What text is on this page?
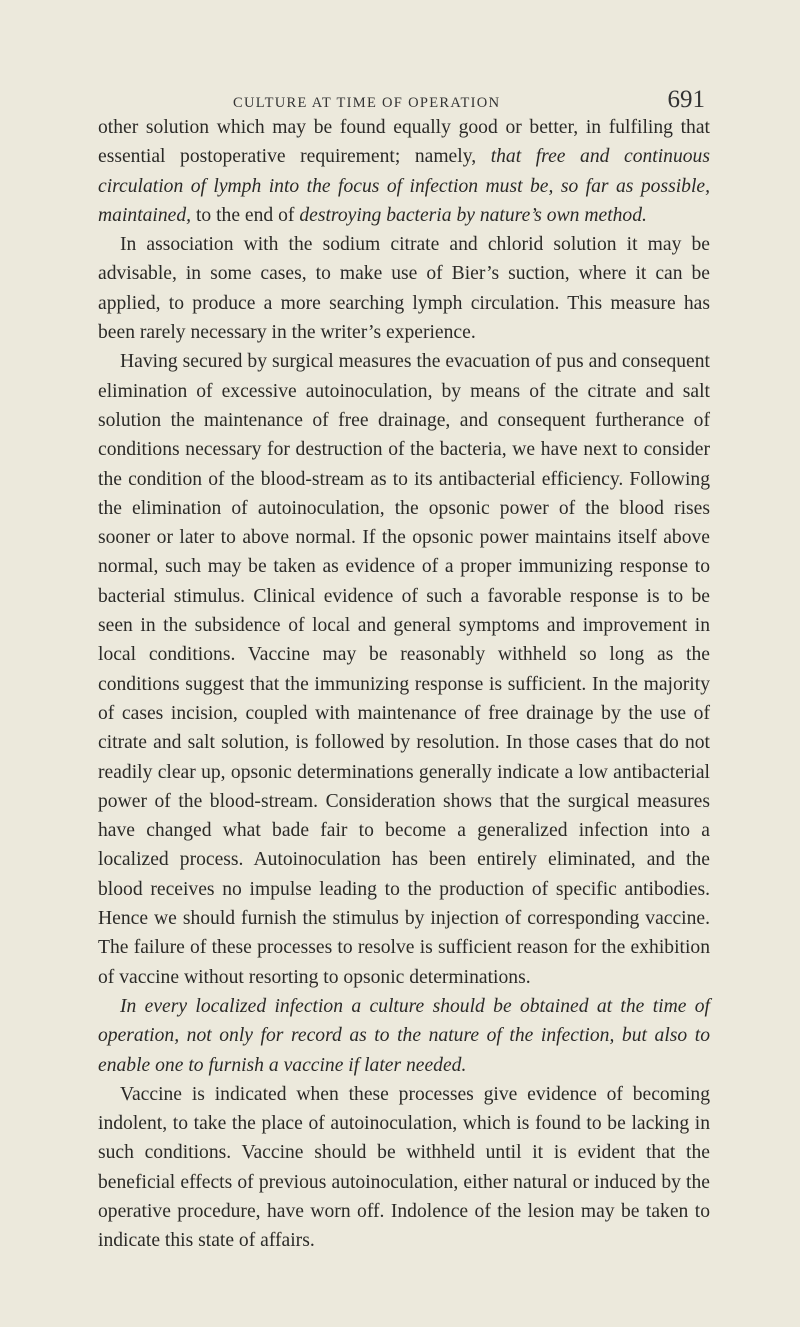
CULTURE AT TIME OF OPERATION	691

other solution which may be found equally good or better, in fulfiling that essential postoperative requirement; namely, that free and continuous circulation of lymph into the focus of infection must be, so far as possible, maintained, to the end of destroying bacteria by nature’s own method.

In association with the sodium citrate and chlorid solution it may be advisable, in some cases, to make use of Bier’s suction, where it can be applied, to produce a more searching lymph circulation. This measure has been rarely necessary in the writer’s experience.

Having secured by surgical measures the evacuation of pus and consequent elimination of excessive autoinoculation, by means of the citrate and salt solution the maintenance of free drainage, and consequent furtherance of conditions necessary for destruction of the bacteria, we have next to consider the condition of the blood-stream as to its antibacterial efficiency. Following the elimination of autoinoculation, the opsonic power of the blood rises sooner or later to above normal. If the opsonic power maintains itself above normal, such may be taken as evidence of a proper immunizing response to bacterial stimulus. Clinical evidence of such a favorable response is to be seen in the subsidence of local and general symptoms and improvement in local conditions. Vaccine may be reasonably withheld so long as the conditions suggest that the immunizing response is sufficient. In the majority of cases incision, coupled with maintenance of free drainage by the use of citrate and salt solution, is followed by resolution. In those cases that do not readily clear up, opsonic determinations generally indicate a low antibacterial power of the blood-stream. Consideration shows that the surgical measures have changed what bade fair to become a generalized infection into a localized process. Autoinoculation has been entirely eliminated, and the blood receives no impulse leading to the production of specific antibodies. Hence we should furnish the stimulus by injection of corresponding vaccine. The failure of these processes to resolve is sufficient reason for the exhibition of vaccine without resorting to opsonic determinations.

In every localized infection a culture should be obtained at the time of operation, not only for record as to the nature of the infection, but also to enable one to furnish a vaccine if later needed.

Vaccine is indicated when these processes give evidence of becoming indolent, to take the place of autoinoculation, which is found to be lacking in such conditions. Vaccine should be withheld until it is evident that the beneficial effects of previous autoinoculation, either natural or induced by the operative procedure, have worn off. Indolence of the lesion may be taken to indicate this state of affairs.
